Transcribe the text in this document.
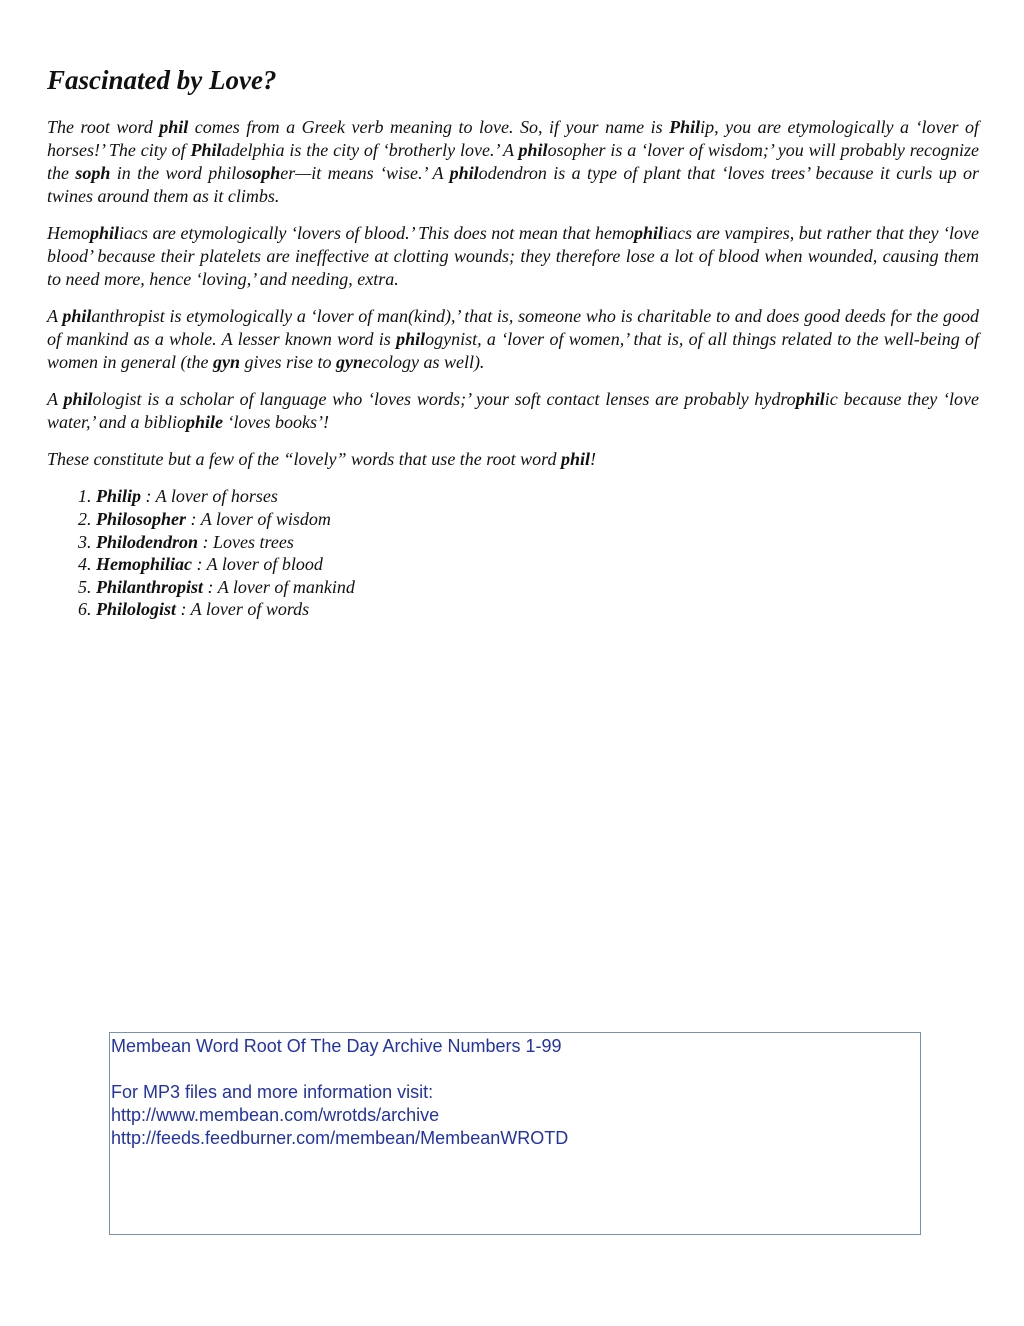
Fascinated by Love?

The root word phil comes from a Greek verb meaning to love. So, if your name is Philip, you are etymologically a ‘lover of horses!’ The city of Philadelphia is the city of ‘brotherly love.’ A philosopher is a ‘lover of wisdom;’ you will probably recognize the soph in the word philosopher—it means ‘wise.’ A philodendron is a type of plant that ‘loves trees’ because it curls up or twines around them as it climbs.

Hemophiliacs are etymologically ‘lovers of blood.’ This does not mean that hemophiliacs are vampires, but rather that they ‘love blood’ because their platelets are ineffective at clotting wounds; they therefore lose a lot of blood when wounded, causing them to need more, hence ‘loving,’ and needing, extra.

A philanthropist is etymologically a ‘lover of man(kind),’ that is, someone who is charitable to and does good deeds for the good of mankind as a whole. A lesser known word is philogynist, a ‘lover of women,’ that is, of all things related to the well-being of women in general (the gyn gives rise to gynecology as well).

A philologist is a scholar of language who ‘loves words;’ your soft contact lenses are probably hydrophilic because they ‘love water,’ and a bibliophile ‘loves books’!

These constitute but a few of the “lovely” words that use the root word phil!

1. Philip : A lover of horses
2. Philosopher : A lover of wisdom
3. Philodendron : Loves trees
4. Hemophiliac : A lover of blood
5. Philanthropist : A lover of mankind
6. Philologist : A lover of words
Membean Word Root Of The Day Archive Numbers 1-99
For MP3 files and more information visit:
http://www.membean.com/wrotds/archive
http://feeds.feedburner.com/membean/MembeanWROTD
